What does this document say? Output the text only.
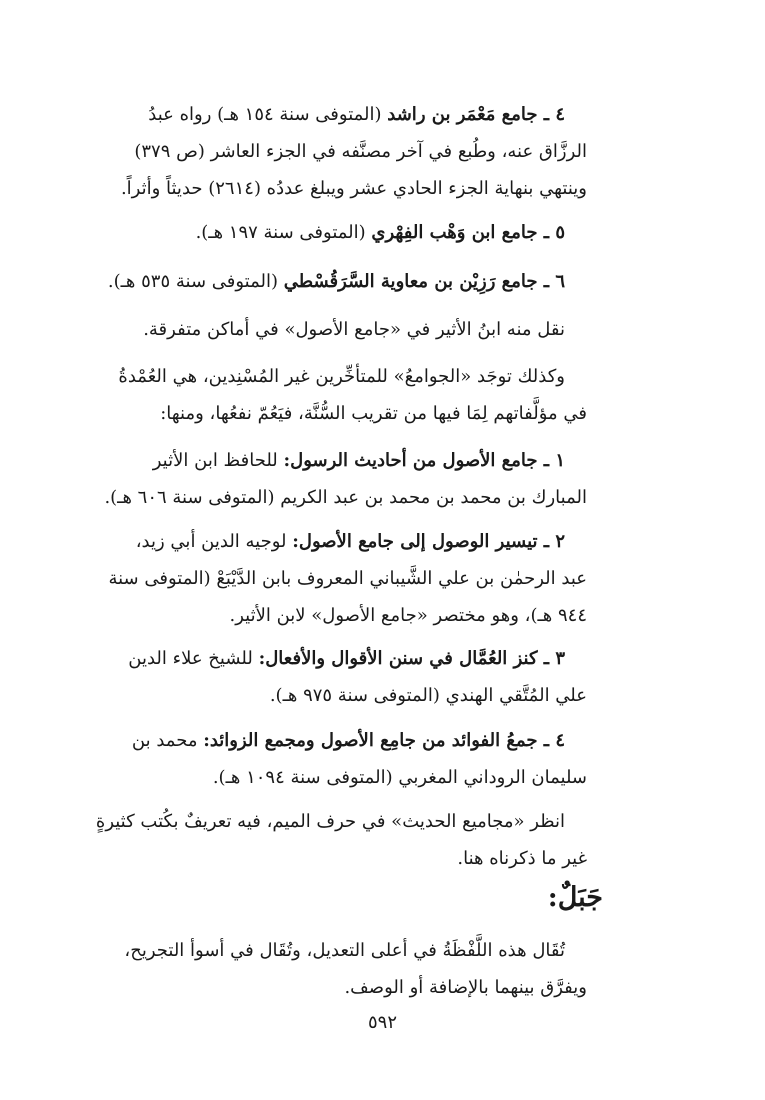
٤ ـ جامع مَعْمَر بن راشد (المتوفى سنة ١٥٤ هـ) رواه عبدُ
الرزَّاق عنه، وطُبع في آخر مصنَّفه في الجزء العاشر (ص ٣٧٩)
وينتهي بنهاية الجزء الحادي عشر ويبلغ عددُه (٢٦١٤) حديثاً وأثراً.
٥ ـ جامع ابن وَهْب الفِهْري (المتوفى سنة ١٩٧ هـ).
٦ ـ جامع رَزِيْن بن معاوية السَّرَقُسْطي (المتوفى سنة ٥٣٥ هـ).
نقل منه ابنُ الأثير في «جامع الأصول» في أماكن متفرقة.
وكذلك توجَد «الجوامعُ» للمتأخِّرين غير المُسْنِدين، هي العُمْدةُ
في مؤلَّفاتهم لِمَا فيها من تقريب السُّنَّة، فيَعُمّ نفعُها، ومنها:
١ ـ جامع الأصول من أحاديث الرسول: للحافظ ابن الأثير
المبارك بن محمد بن محمد بن عبد الكريم (المتوفى سنة ٦٠٦ هـ).
٢ ـ تيسير الوصول إلى جامع الأصول: لوجيه الدين أبي زيد،
عبد الرحمٰن بن علي الشَّيباني المعروف بابن الدَّيْبَعْ (المتوفى سنة
٩٤٤ هـ)، وهو مختصر «جامع الأصول» لابن الأثير.
٣ ـ كنز العُمَّال في سنن الأقوال والأفعال: للشيخ علاء الدين
علي المُتَّقي الهندي (المتوفى سنة ٩٧٥ هـ).
٤ ـ جمعُ الفوائد من جامِع الأصول ومجمع الزوائد: محمد بن
سليمان الروداني المغربي (المتوفى سنة ١٠٩٤ هـ).
انظر «مجاميع الحديث» في حرف الميم، فيه تعريفٌ بكُتب كثيرةٍ
غير ما ذكرناه هنا.
جَبَلٌ:
تُقَال هذه اللَّفْظَةُ في أعلى التعديل، وتُقَال في أسوأ التجريح،
ويفرَّق بينهما بالإضافة أو الوصف.
٥٩٢
